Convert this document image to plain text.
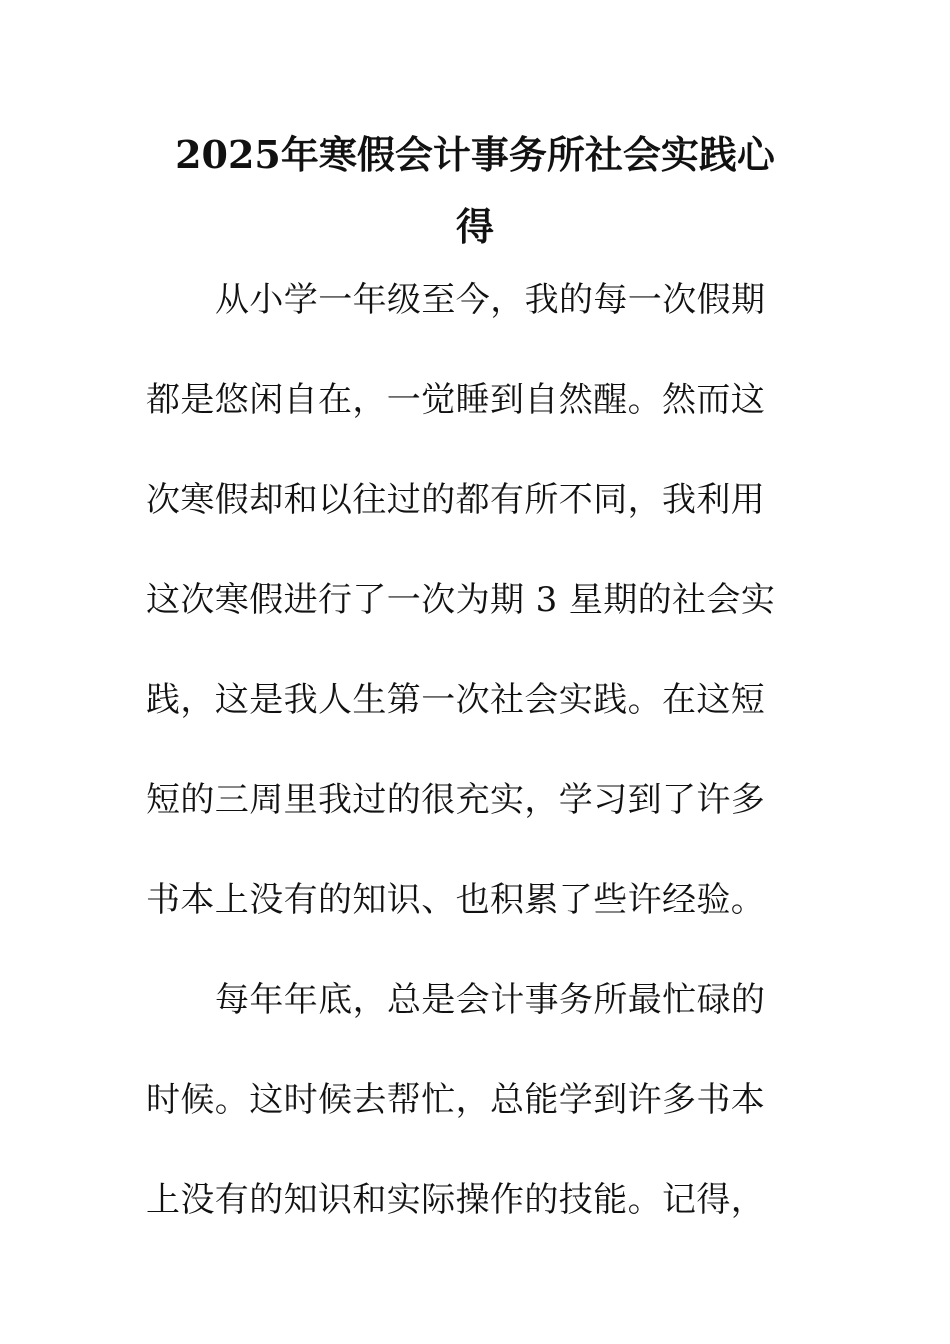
2025年寒假会计事务所社会实践心
得
从小学一年级至今，我的每一次假期
都是悠闲自在，一觉睡到自然醒。然而这
次寒假却和以往过的都有所不同，我利用
这次寒假进行了一次为期 3 星期的社会实
践，这是我人生第一次社会实践。在这短
短的三周里我过的很充实，学习到了许多
书本上没有的知识、也积累了些许经验。
每年年底，总是会计事务所最忙碌的
时候。这时候去帮忙，总能学到许多书本
上没有的知识和实际操作的技能。记得，
